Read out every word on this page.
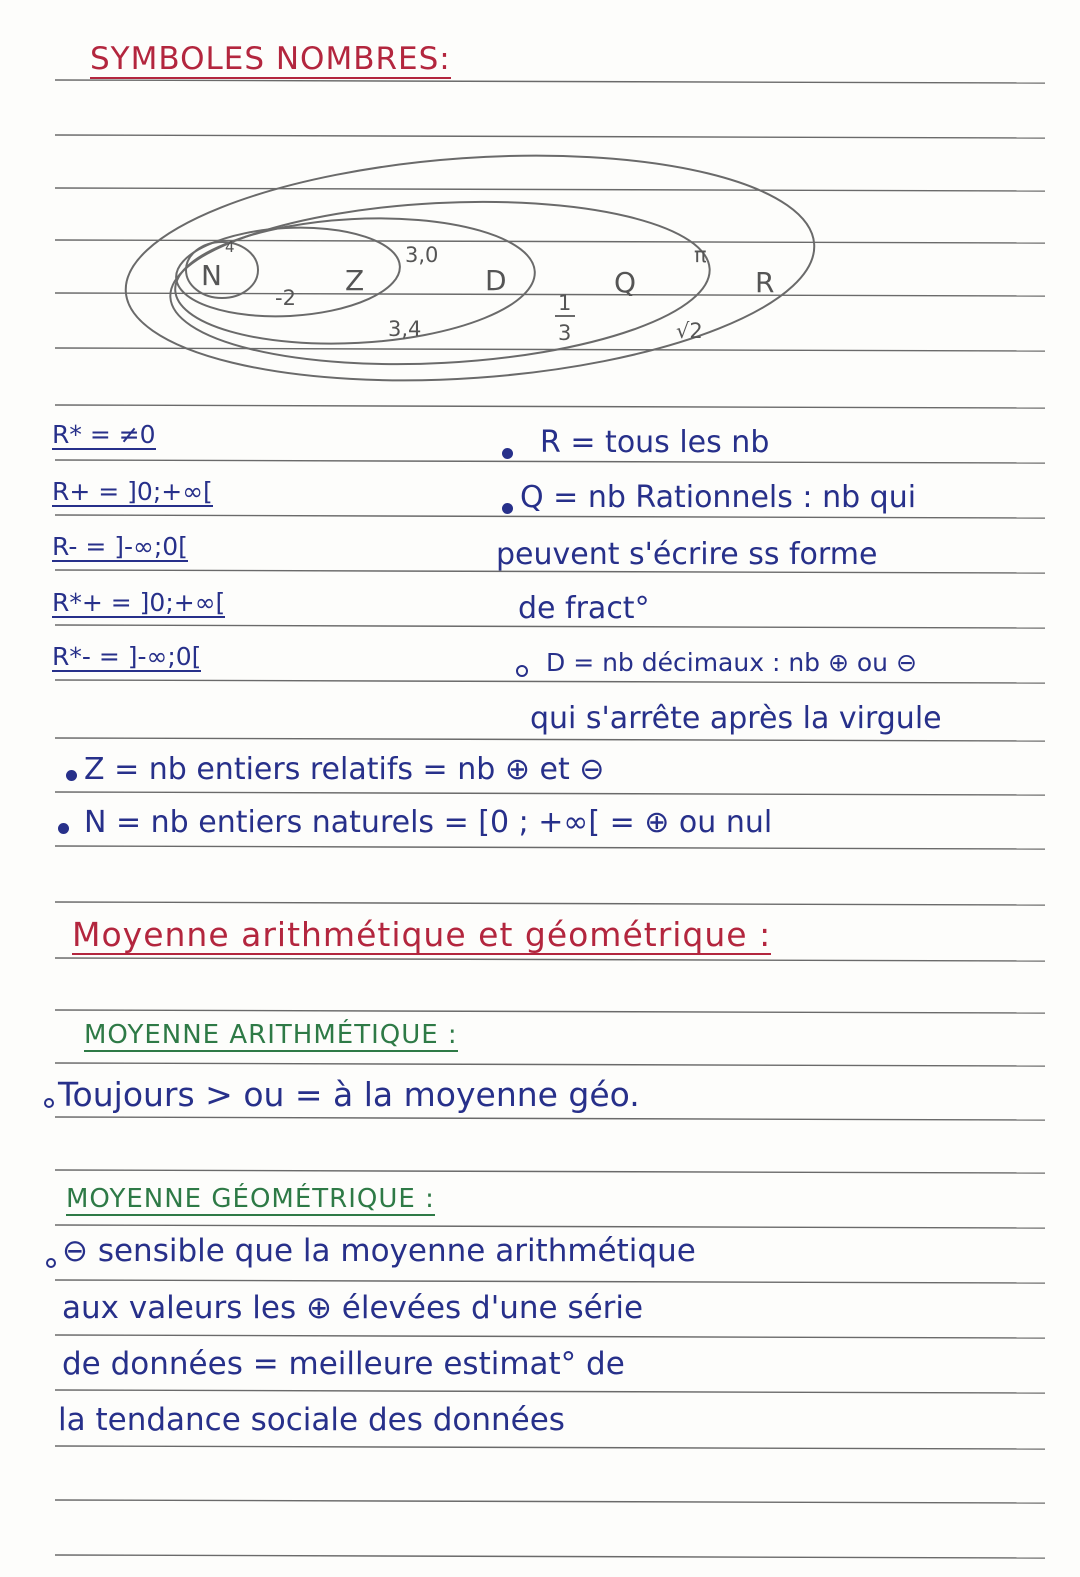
SYMBOLES NOMBRES:
N
4
Z
-2
3,0
3,4
D
1
3
Q
π
√2
R
R* = ≠0
R+ = ]0;+∞[
R- = ]-∞;0[
R*+ = ]0;+∞[
R*- = ]-∞;0[
R = tous les nb
Q = nb Rationnels : nb qui
peuvent s'écrire ss forme
de fract°
D = nb décimaux : nb ⊕ ou ⊖
qui s'arrête après la virgule
Z = nb entiers relatifs = nb ⊕ et ⊖
N = nb entiers naturels = [0 ; +∞[ = ⊕ ou nul
Moyenne arithmétique et géométrique :
MOYENNE ARITHMÉTIQUE :
Toujours > ou = à la moyenne géo.
MOYENNE GÉOMÉTRIQUE :
⊖ sensible que la moyenne arithmétique
aux valeurs les ⊕ élevées d'une série
de données = meilleure estimat° de
la tendance sociale des données
